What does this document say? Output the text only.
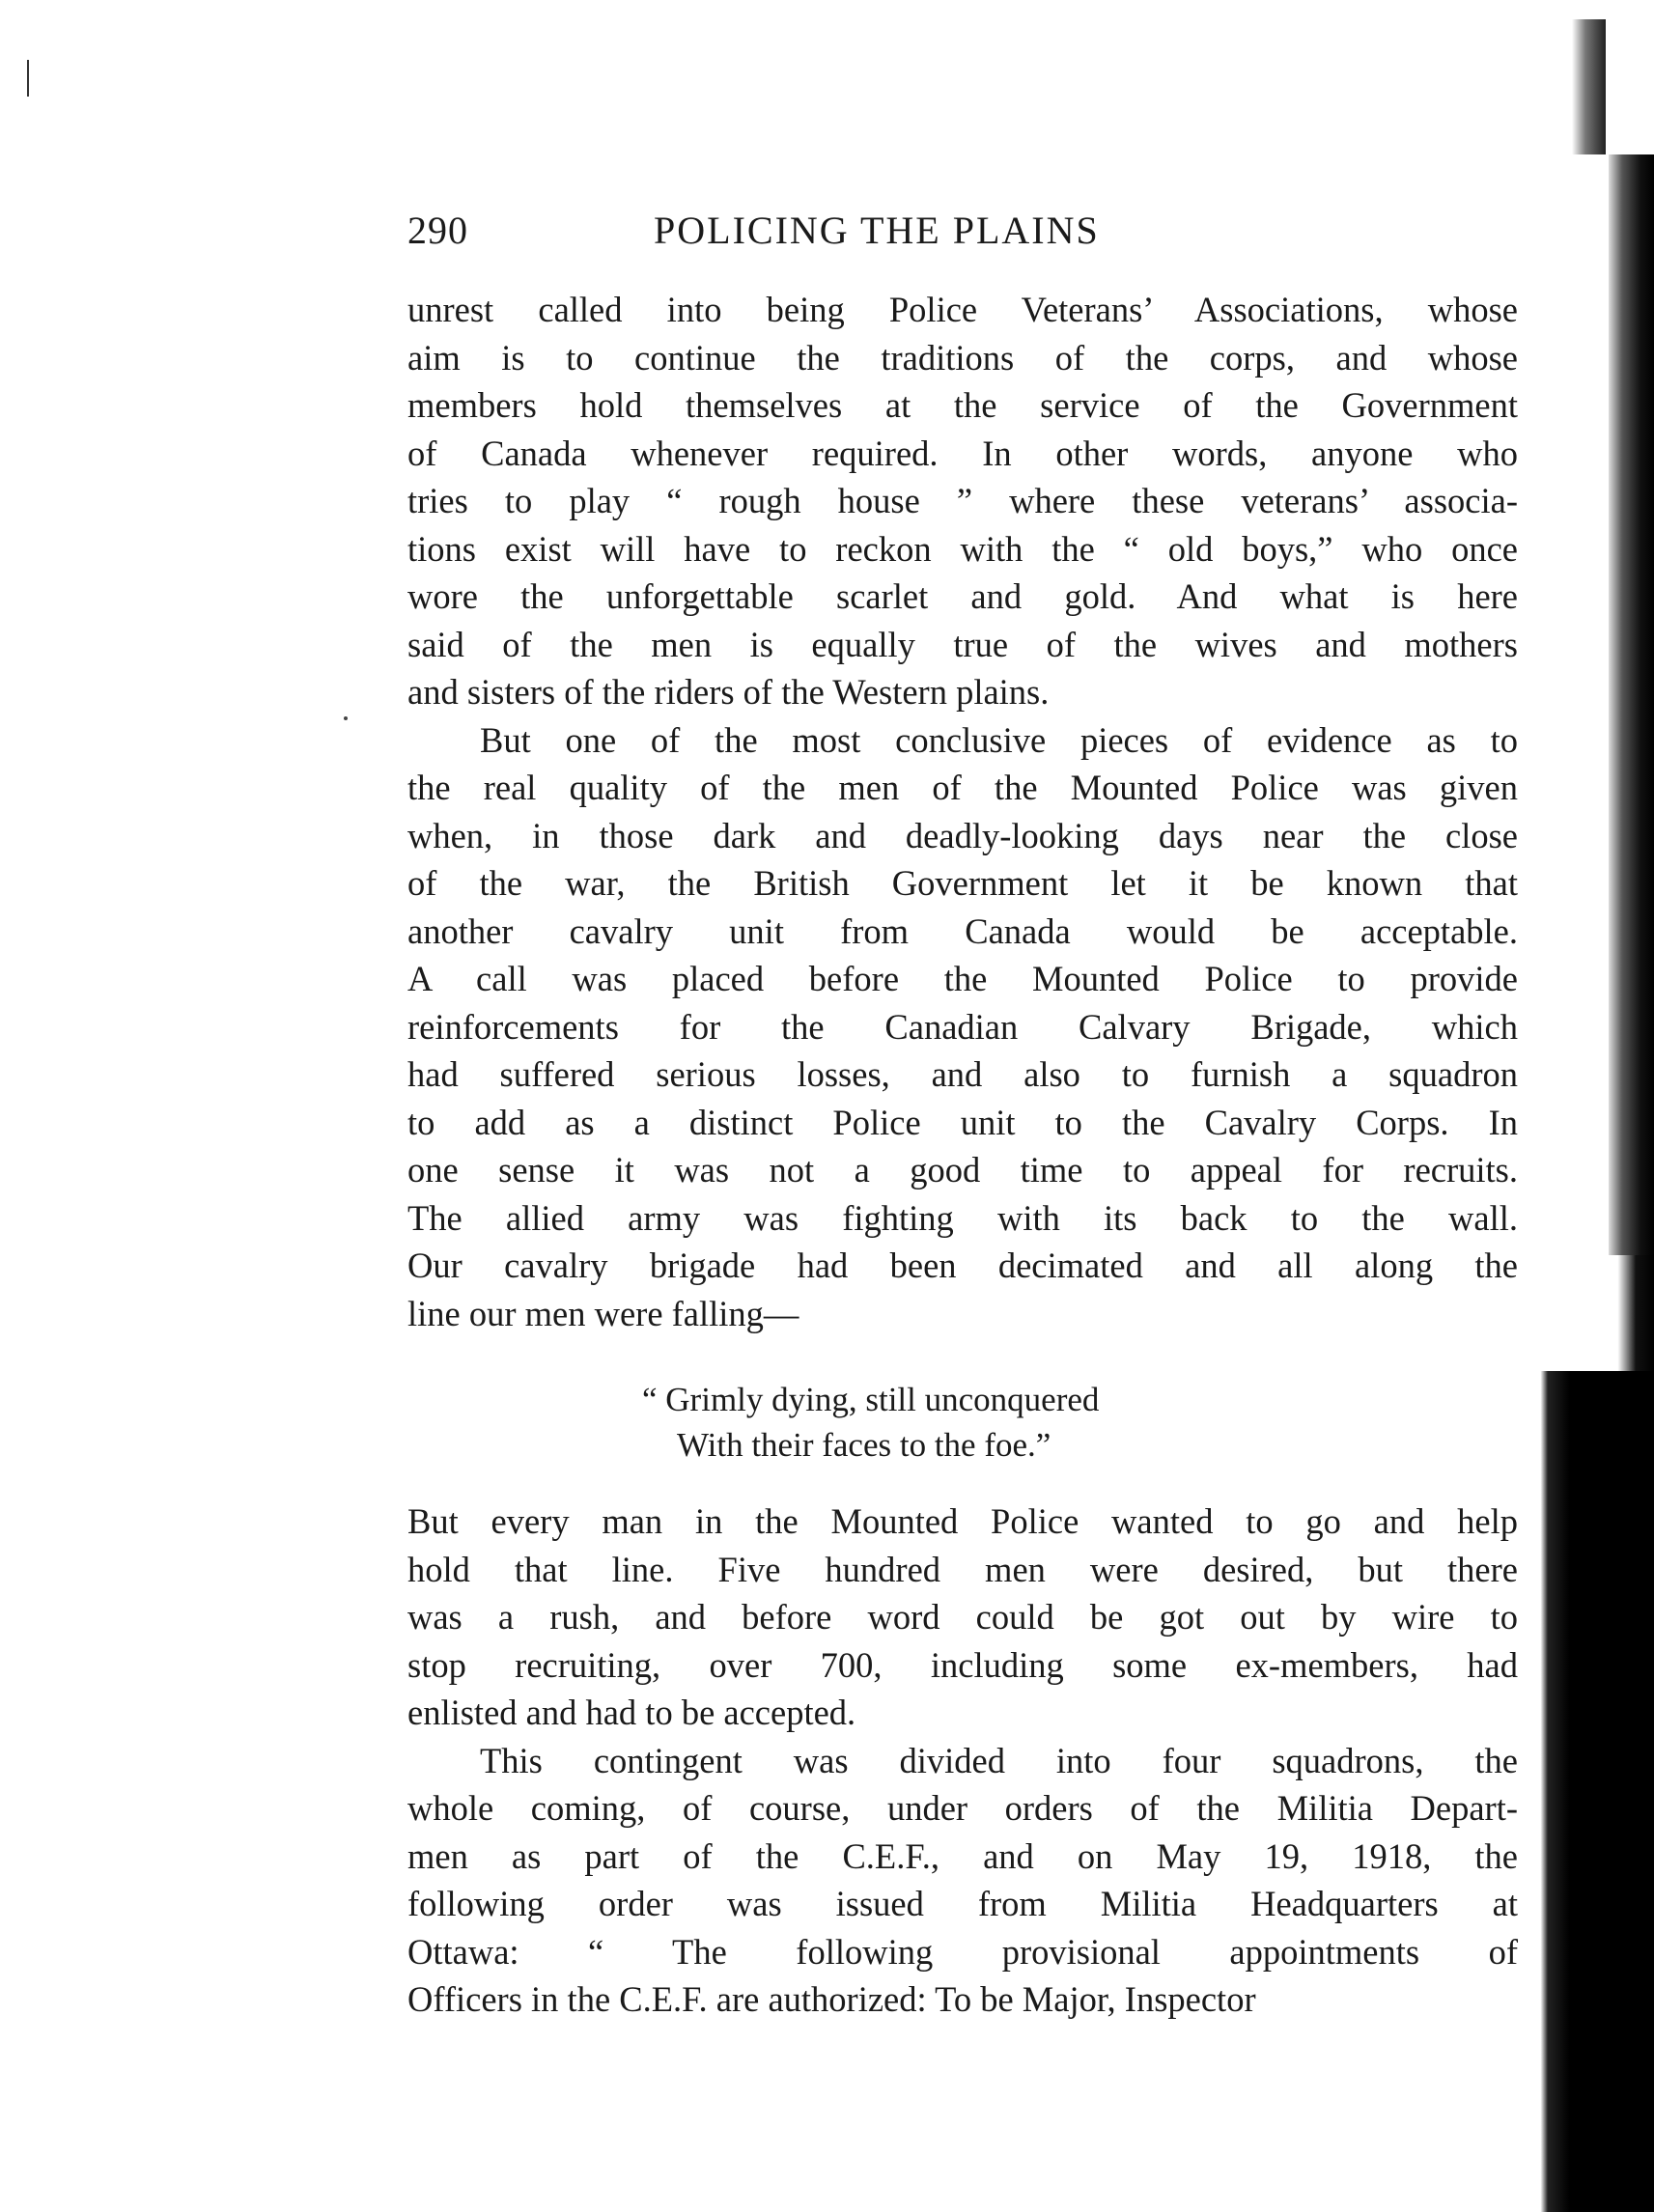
290	POLICING THE PLAINS

unrest called into being Police Veterans’ Associations, whose
aim is to continue the traditions of the corps, and whose
members hold themselves at the service of the Government
of Canada whenever required. In other words, anyone who
tries to play “ rough house ” where these veterans’ associa-
tions exist will have to reckon with the “ old boys,” who once
wore the unforgettable scarlet and gold. And what is here
said of the men is equally true of the wives and mothers
and sisters of the riders of the Western plains.

But one of the most conclusive pieces of evidence as to
the real quality of the men of the Mounted Police was given
when, in those dark and deadly-looking days near the close
of the war, the British Government let it be known that
another cavalry unit from Canada would be acceptable.
A call was placed before the Mounted Police to provide
reinforcements for the Canadian Calvary Brigade, which
had suffered serious losses, and also to furnish a squadron
to add as a distinct Police unit to the Cavalry Corps. In
one sense it was not a good time to appeal for recruits.
The allied army was fighting with its back to the wall.
Our cavalry brigade had been decimated and all along the
line our men were falling—

“ Grimly dying, still unconquered
With their faces to the foe.”

But every man in the Mounted Police wanted to go and help
hold that line. Five hundred men were desired, but there
was a rush, and before word could be got out by wire to
stop recruiting, over 700, including some ex-members, had
enlisted and had to be accepted.

This contingent was divided into four squadrons, the
whole coming, of course, under orders of the Militia Depart-
men as part of the C.E.F., and on May 19, 1918, the
following order was issued from Militia Headquarters at
Ottawa: “ The following provisional appointments of
Officers in the C.E.F. are authorized: To be Major, Inspector
